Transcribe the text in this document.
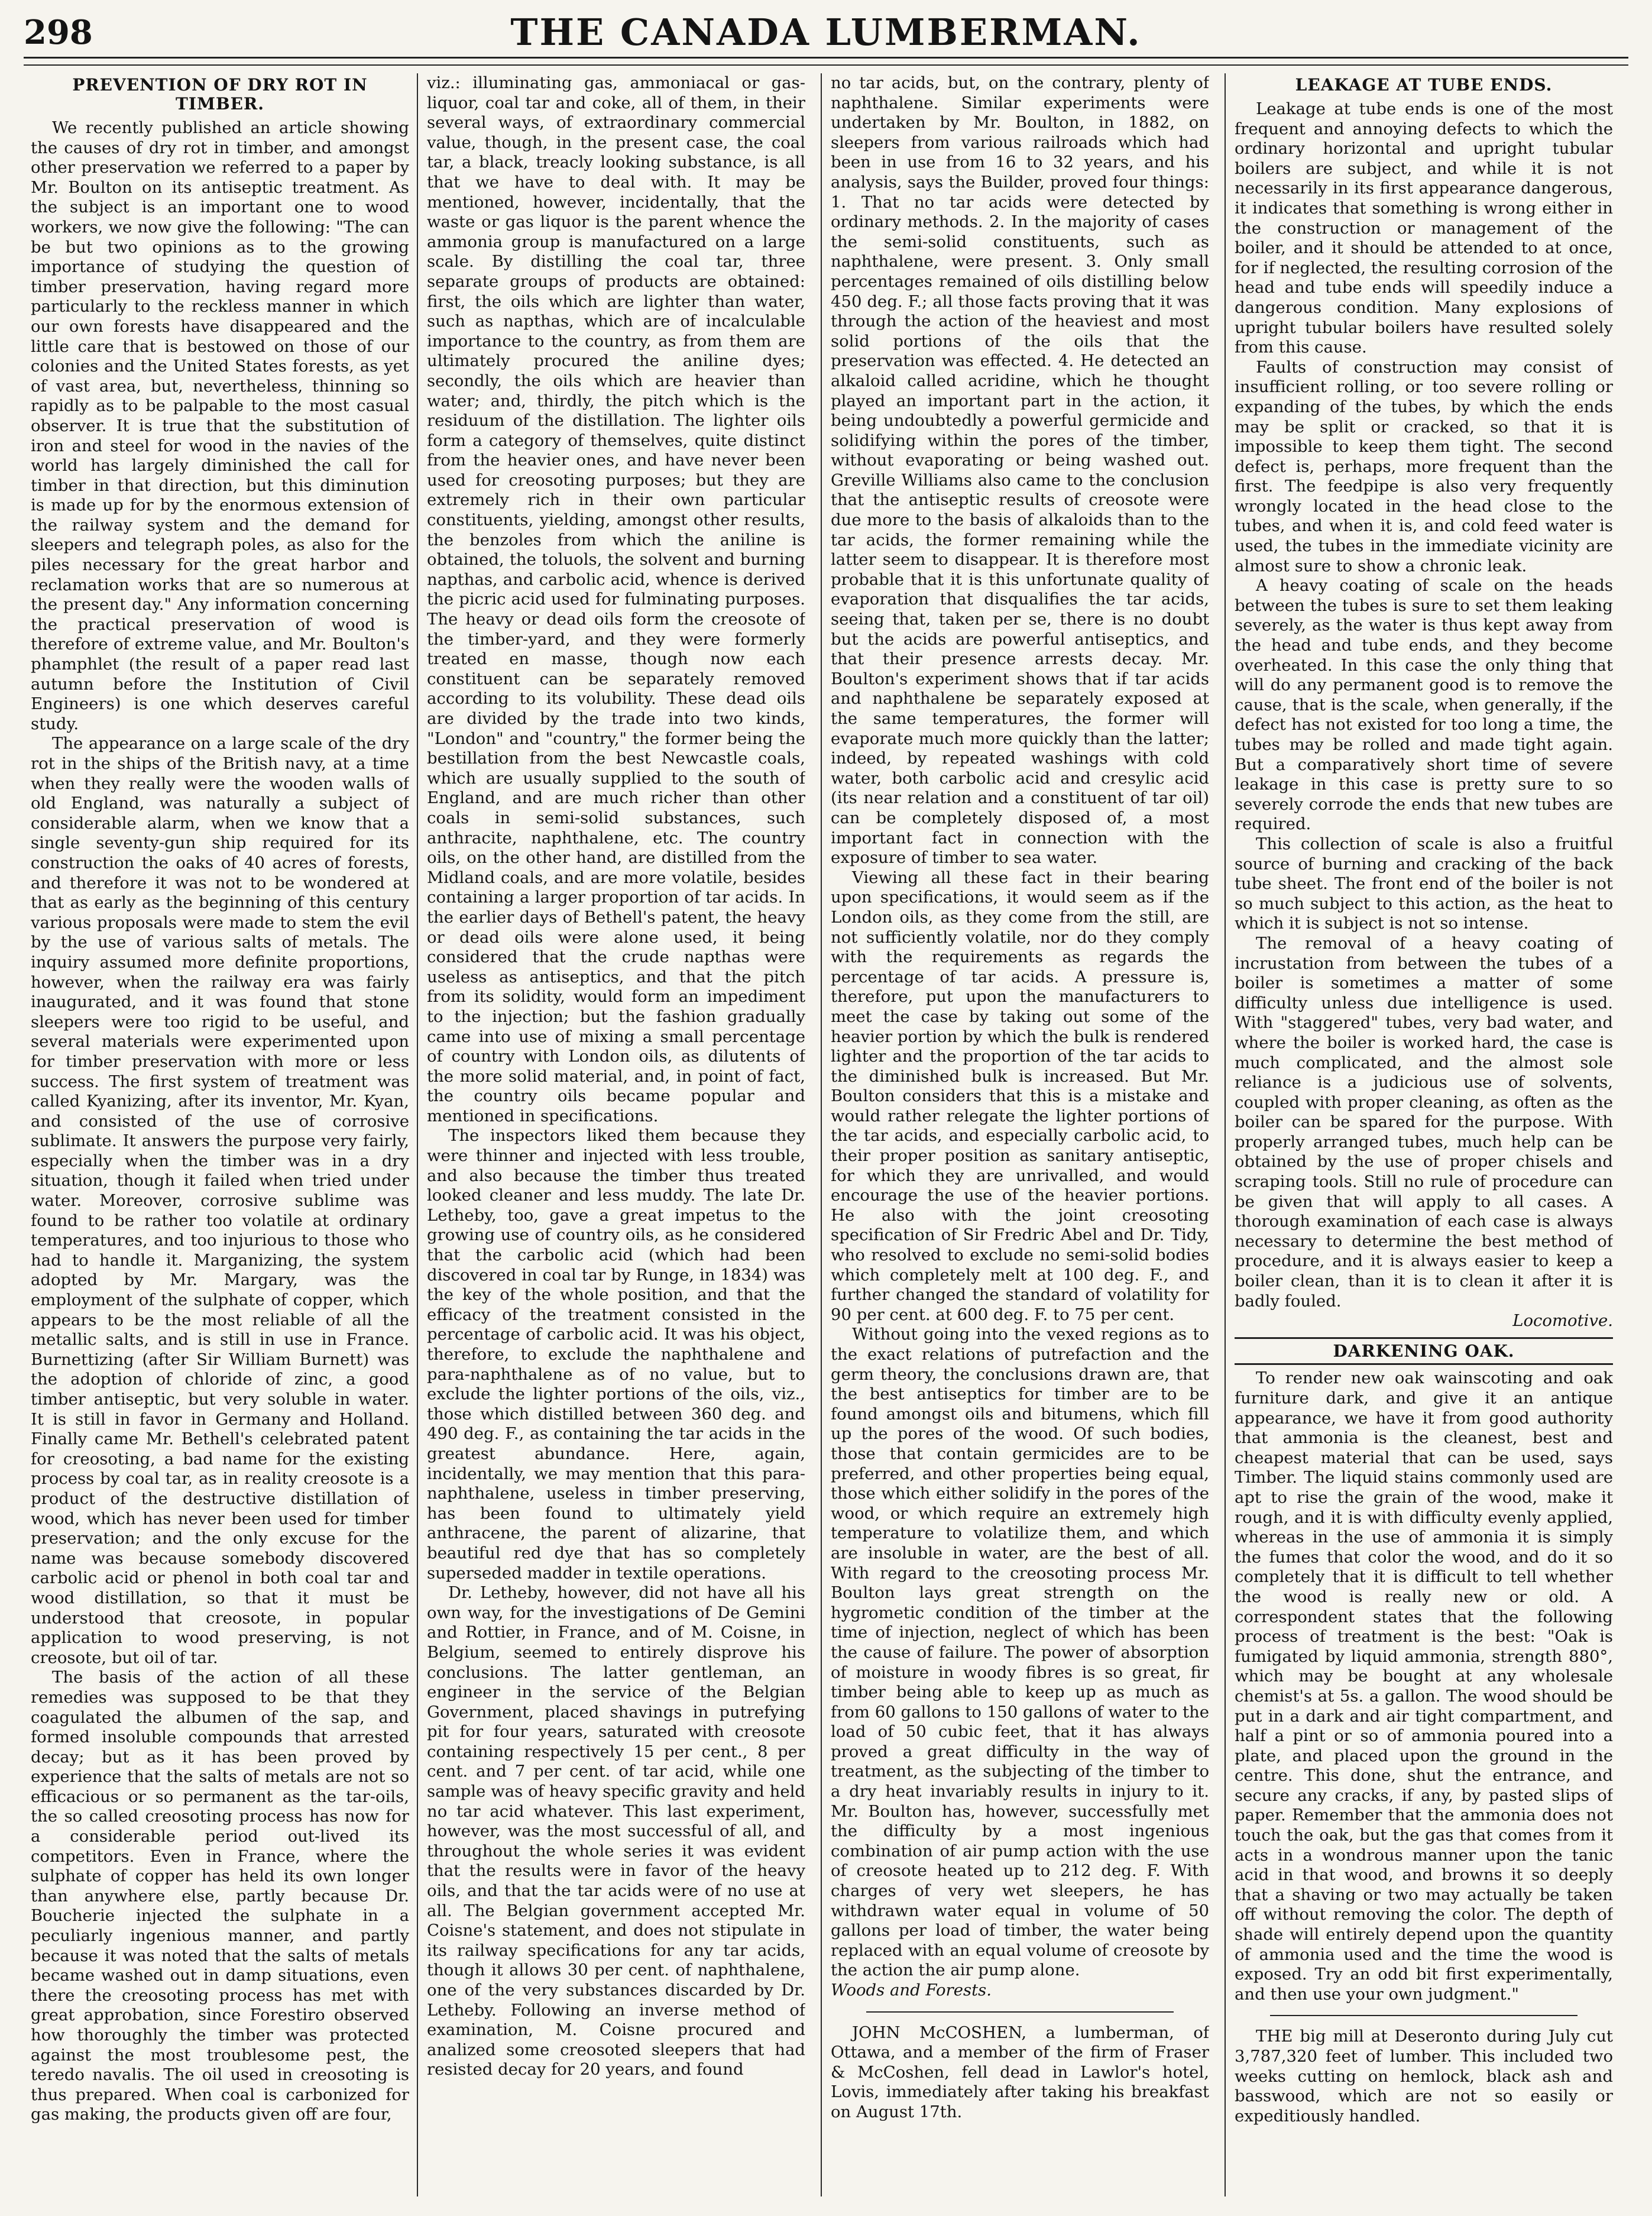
298	THE CANADA LUMBERMAN.
PREVENTION OF DRY ROT IN TIMBER.

We recently published an article showing the causes of dry rot in timber, and amongst other preservation we referred to a paper by Mr. Boulton on its antiseptic treatment. As the subject is an important one to wood workers, we now give the following: "The can be but two opinions as to the growing importance of studying the question of timber preservation, having regard more particularly to the reckless manner in which our own forests have disappeared and the little care that is bestowed on those of our colonies and the United States forests, as yet of vast area, but, nevertheless, thinning so rapidly as to be palpable to the most casual observer. It is true that the substitution of iron and steel for wood in the navies of the world has largely diminished the call for timber in that direction, but this diminution is made up for by the enormous extension of the railway system and the demand for sleepers and telegraph poles, as also for the piles necessary for the great harbor and reclamation works that are so numerous at the present day." Any information concerning the practical preservation of wood is therefore of extreme value, and Mr. Boulton's phamphlet (the result of a paper read last autumn before the Institution of Civil Engineers) is one which deserves careful study.

The appearance on a large scale of the dry rot in the ships of the British navy, at a time when they really were the wooden walls of old England, was naturally a subject of considerable alarm, when we know that a single seventy-gun ship required for its construction the oaks of 40 acres of forests, and therefore it was not to be wondered at that as early as the beginning of this century various proposals were made to stem the evil by the use of various salts of metals. The inquiry assumed more definite proportions, however, when the railway era was fairly inaugurated, and it was found that stone sleepers were too rigid to be useful, and several materials were experimented upon for timber preservation with more or less success. The first system of treatment was called Kyanizing, after its inventor, Mr. Kyan, and consisted of the use of corrosive sublimate. It answers the purpose very fairly, especially when the timber was in a dry situation, though it failed when tried under water. Moreover, corrosive sublime was found to be rather too volatile at ordinary temperatures, and too injurious to those who had to handle it. Marganizing, the system adopted by Mr. Margary, was the employment of the sulphate of copper, which appears to be the most reliable of all the metallic salts, and is still in use in France. Burnettizing (after Sir William Burnett) was the adoption of chloride of zinc, a good timber antiseptic, but very soluble in water. It is still in favor in Germany and Holland. Finally came Mr. Bethell's celebrated patent for creosoting, a bad name for the existing process by coal tar, as in reality creosote is a product of the destructive distillation of wood, which has never been used for timber preservation; and the only excuse for the name was because somebody discovered carbolic acid or phenol in both coal tar and wood distillation, so that it must be understood that creosote, in popular application to wood preserving, is not creosote, but oil of tar.

The basis of the action of all these remedies was supposed to be that they coagulated the albumen of the sap, and formed insoluble compounds that arrested decay; but as it has been proved by experience that the salts of metals are not so efficacious or so permanent as the tar-oils, the so called creosoting process has now for a considerable period out-lived its competitors. Even in France, where the sulphate of copper has held its own longer than anywhere else, partly because Dr. Boucherie injected the sulphate in a peculiarly ingenious manner, and partly because it was noted that the salts of metals became washed out in damp situations, even there the creosoting process has met with great approbation, since Forestiro observed how thoroughly the timber was protected against the most troublesome pest, the teredo navalis. The oil used in creosoting is thus prepared. When coal is carbonized for gas making, the products given off are four,

viz.: illuminating gas, ammoniacal or gas-liquor, coal tar and coke, all of them, in their several ways, of extraordinary commercial value, though, in the present case, the coal tar, a black, treacly looking substance, is all that we have to deal with. It may be mentioned, however, incidentally, that the waste or gas liquor is the parent whence the ammonia group is manufactured on a large scale. By distilling the coal tar, three separate groups of products are obtained: first, the oils which are lighter than water, such as napthas, which are of incalculable importance to the country, as from them are ultimately procured the aniline dyes; secondly, the oils which are heavier than water; and, thirdly, the pitch which is the residuum of the distillation. The lighter oils form a category of themselves, quite distinct from the heavier ones, and have never been used for creosoting purposes; but they are extremely rich in their own particular constituents, yielding, amongst other results, the benzoles from which the aniline is obtained, the toluols, the solvent and burning napthas, and carbolic acid, whence is derived the picric acid used for fulminating purposes. The heavy or dead oils form the creosote of the timber-yard, and they were formerly treated en masse, though now each constituent can be separately removed according to its volubility. These dead oils are divided by the trade into two kinds, "London" and "country," the former being the bestillation from the best Newcastle coals, which are usually supplied to the south of England, and are much richer than other coals in semi-solid substances, such anthracite, naphthalene, etc. The country oils, on the other hand, are distilled from the Midland coals, and are more volatile, besides containing a larger proportion of tar acids. In the earlier days of Bethell's patent, the heavy or dead oils were alone used, it being considered that the crude napthas were useless as antiseptics, and that the pitch from its solidity, would form an impediment to the injection; but the fashion gradually came into use of mixing a small percentage of country with London oils, as dilutents of the more solid material, and, in point of fact, the country oils became popular and mentioned in specifications.

The inspectors liked them because they were thinner and injected with less trouble, and also because the timber thus treated looked cleaner and less muddy. The late Dr. Letheby, too, gave a great impetus to the growing use of country oils, as he considered that the carbolic acid (which had been discovered in coal tar by Runge, in 1834) was the key of the whole position, and that the efficacy of the treatment consisted in the percentage of carbolic acid. It was his object, therefore, to exclude the naphthalene and para-naphthalene as of no value, but to exclude the lighter portions of the oils, viz., those which distilled between 360 deg. and 490 deg. F., as containing the tar acids in the greatest abundance. Here, again, incidentally, we may mention that this para-naphthalene, useless in timber preserving, has been found to ultimately yield anthracene, the parent of alizarine, that beautiful red dye that has so completely superseded madder in textile operations.

Dr. Letheby, however, did not have all his own way, for the investigations of De Gemini and Rottier, in France, and of M. Coisne, in Belgium, seemed to entirely disprove his conclusions. The latter gentleman, an engineer in the service of the Belgian Government, placed shavings in putrefying pit for four years, saturated with creosote containing respectively 15 per cent., 8 per cent. and 7 per cent. of tar acid, while one sample was of heavy specific gravity and held no tar acid whatever. This last experiment, however, was the most successful of all, and throughout the whole series it was evident that the results were in favor of the heavy oils, and that the tar acids were of no use at all. The Belgian government accepted Mr. Coisne's statement, and does not stipulate in its railway specifications for any tar acids, though it allows 30 per cent. of naphthalene, one of the very substances discarded by Dr. Letheby. Following an inverse method of examination, M. Coisne procured and analized some creosoted sleepers that had resisted decay for 20 years, and found

no tar acids, but, on the contrary, plenty of naphthalene. Similar experiments were undertaken by Mr. Boulton, in 1882, on sleepers from various railroads which had been in use from 16 to 32 years, and his analysis, says the Builder, proved four things: 1. That no tar acids were detected by ordinary methods. 2. In the majority of cases the semi-solid constituents, such as naphthalene, were present. 3. Only small percentages remained of oils distilling below 450 deg. F.; all those facts proving that it was through the action of the heaviest and most solid portions of the oils that the preservation was effected. 4. He detected an alkaloid called acridine, which he thought played an important part in the action, it being undoubtedly a powerful germicide and solidifying within the pores of the timber, without evaporating or being washed out. Greville Williams also came to the conclusion that the antiseptic results of creosote were due more to the basis of alkaloids than to the tar acids, the former remaining while the latter seem to disappear. It is therefore most probable that it is this unfortunate quality of evaporation that disqualifies the tar acids, seeing that, taken per se, there is no doubt but the acids are powerful antiseptics, and that their presence arrests decay. Mr. Boulton's experiment shows that if tar acids and naphthalene be separately exposed at the same temperatures, the former will evaporate much more quickly than the latter; indeed, by repeated washings with cold water, both carbolic acid and cresylic acid (its near relation and a constituent of tar oil) can be completely disposed of, a most important fact in connection with the exposure of timber to sea water.

Viewing all these fact in their bearing upon specifications, it would seem as if the London oils, as they come from the still, are not sufficiently volatile, nor do they comply with the requirements as regards the percentage of tar acids. A pressure is, therefore, put upon the manufacturers to meet the case by taking out some of the heavier portion by which the bulk is rendered lighter and the proportion of the tar acids to the diminished bulk is increased. But Mr. Boulton considers that this is a mistake and would rather relegate the lighter portions of the tar acids, and especially carbolic acid, to their proper position as sanitary antiseptic, for which they are unrivalled, and would encourage the use of the heavier portions. He also with the joint creosoting specification of Sir Fredric Abel and Dr. Tidy, who resolved to exclude no semi-solid bodies which completely melt at 100 deg. F., and further changed the standard of volatility for 90 per cent. at 600 deg. F. to 75 per cent.

Without going into the vexed regions as to the exact relations of putrefaction and the germ theory, the conclusions drawn are, that the best antiseptics for timber are to be found amongst oils and bitumens, which fill up the pores of the wood. Of such bodies, those that contain germicides are to be preferred, and other properties being equal, those which either solidify in the pores of the wood, or which require an extremely high temperature to volatilize them, and which are insoluble in water, are the best of all. With regard to the creosoting process Mr. Boulton lays great strength on the hygrometic condition of the timber at the time of injection, neglect of which has been the cause of failure. The power of absorption of moisture in woody fibres is so great, fir timber being able to keep up as much as from 60 gallons to 150 gallons of water to the load of 50 cubic feet, that it has always proved a great difficulty in the way of treatment, as the subjecting of the timber to a dry heat invariably results in injury to it. Mr. Boulton has, however, successfully met the difficulty by a most ingenious combination of air pump action with the use of creosote heated up to 212 deg. F. With charges of very wet sleepers, he has withdrawn water equal in volume of 50 gallons per load of timber, the water being replaced with an equal volume of creosote by the action the air pump alone.

Woods and Forests.

JOHN McCOSHEN, a lumberman, of Ottawa, and a member of the firm of Fraser & McCoshen, fell dead in Lawlor's hotel, Lovis, immediately after taking his breakfast on August 17th.

LEAKAGE AT TUBE ENDS.

Leakage at tube ends is one of the most frequent and annoying defects to which the ordinary horizontal and upright tubular boilers are subject, and while it is not necessarily in its first appearance dangerous, it indicates that something is wrong either in the construction or management of the boiler, and it should be attended to at once, for if neglected, the resulting corrosion of the head and tube ends will speedily induce a dangerous condition. Many explosions of upright tubular boilers have resulted solely from this cause.

Faults of construction may consist of insufficient rolling, or too severe rolling or expanding of the tubes, by which the ends may be split or cracked, so that it is impossible to keep them tight. The second defect is, perhaps, more frequent than the first. The feedpipe is also very frequently wrongly located in the head close to the tubes, and when it is, and cold feed water is used, the tubes in the immediate vicinity are almost sure to show a chronic leak.

A heavy coating of scale on the heads between the tubes is sure to set them leaking severely, as the water is thus kept away from the head and tube ends, and they become overheated. In this case the only thing that will do any permanent good is to remove the cause, that is the scale, when generally, if the defect has not existed for too long a time, the tubes may be rolled and made tight again. But a comparatively short time of severe leakage in this case is pretty sure to so severely corrode the ends that new tubes are required.

This collection of scale is also a fruitful source of burning and cracking of the back tube sheet. The front end of the boiler is not so much subject to this action, as the heat to which it is subject is not so intense.

The removal of a heavy coating of incrustation from between the tubes of a boiler is sometimes a matter of some difficulty unless due intelligence is used. With "staggered" tubes, very bad water, and where the boiler is worked hard, the case is much complicated, and the almost sole reliance is a judicious use of solvents, coupled with proper cleaning, as often as the boiler can be spared for the purpose. With properly arranged tubes, much help can be obtained by the use of proper chisels and scraping tools. Still no rule of procedure can be given that will apply to all cases. A thorough examination of each case is always necessary to determine the best method of procedure, and it is always easier to keep a boiler clean, than it is to clean it after it is badly fouled.

Locomotive.

DARKENING OAK.

To render new oak wainscoting and oak furniture dark, and give it an antique appearance, we have it from good authority that ammonia is the cleanest, best and cheapest material that can be used, says Timber. The liquid stains commonly used are apt to rise the grain of the wood, make it rough, and it is with difficulty evenly applied, whereas in the use of ammonia it is simply the fumes that color the wood, and do it so completely that it is difficult to tell whether the wood is really new or old. A correspondent states that the following process of treatment is the best: "Oak is fumigated by liquid ammonia, strength 880°, which may be bought at any wholesale chemist's at 5s. a gallon. The wood should be put in a dark and air tight compartment, and half a pint or so of ammonia poured into a plate, and placed upon the ground in the centre. This done, shut the entrance, and secure any cracks, if any, by pasted slips of paper. Remember that the ammonia does not touch the oak, but the gas that comes from it acts in a wondrous manner upon the tanic acid in that wood, and browns it so deeply that a shaving or two may actually be taken off without removing the color. The depth of shade will entirely depend upon the quantity of ammonia used and the time the wood is exposed. Try an odd bit first experimentally, and then use your own judgment."

THE big mill at Deseronto during July cut 3,787,320 feet of lumber. This included two weeks cutting on hemlock, black ash and basswood, which are not so easily or expeditiously handled.
